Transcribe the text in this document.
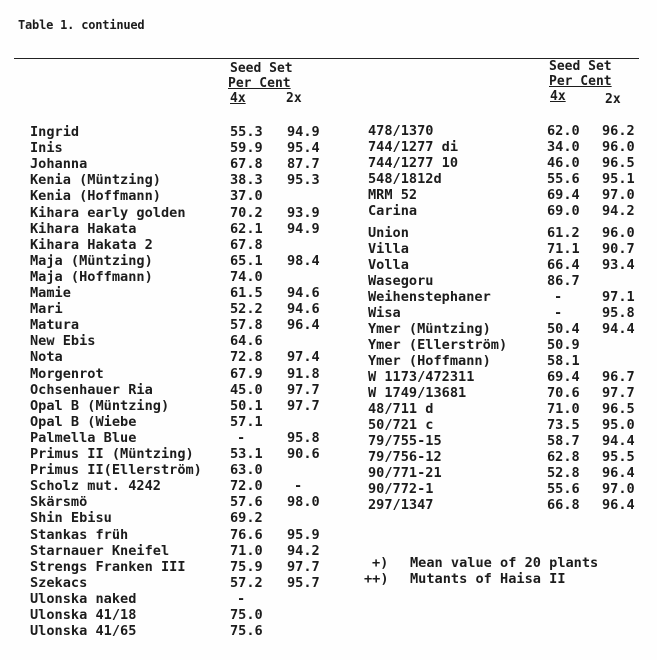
Table 1. continued
Seed Set
Per Cent
4x	2x
Seed Set
Per Cent
4x	2x
Ingrid	55.3 94.9
Inis	59.9 95.4
Johanna	67.8 87.7
Kenia (Müntzing)	38.3 95.3
Kenia (Hoffmann)	37.0
Kihara early golden	70.2 93.9
Kihara Hakata	62.1 94.9
Kihara Hakata 2	67.8
Maja (Müntzing)	65.1 98.4
Maja (Hoffmann)	74.0
Mamie	61.5 94.6
Mari	52.2 94.6
Matura	57.8 96.4
New Ebis	64.6
Nota	72.8 97.4
Morgenrot	67.9 91.8
Ochsenhauer Ria	45.0 97.7
Opal B (Müntzing)	50.1 97.7
Opal B (Wiebe	57.1
Palmella Blue	-	95.8
Primus II (Müntzing)	53.1 90.6
Primus II(Ellerström) 63.0
Scholz mut. 4242	72.0	-
Skärsmö	57.6 98.0
Shin Ebisu	69.2
Stankas früh	76.6 95.9
Starnauer Kneifel	71.0 94.2
Strengs Franken III	75.9 97.7
Szekacs	57.2 95.7
Ulonska naked	-
Ulonska 41/18	75.0
Ulonska 41/65	75.6
478/1370	62.0 96.2
744/1277 di	34.0 96.0
744/1277 10	46.0 96.5
548/1812d	55.6 95.1
MRM 52	69.4 97.0
Carina	69.0 94.2
Union	61.2 96.0
Villa	71.1 90.7
Volla	66.4 93.4
Wasegoru	86.7
Weihenstephaner	-	97.1
Wisa	-	95.8
Ymer (Müntzing)	50.4 94.4
Ymer (Ellerström)	50.9
Ymer (Hoffmann)	58.1
W 1173/472311	69.4 96.7
W 1749/13681	70.6 97.7
48/711 d	71.0 96.5
50/721 c	73.5 95.0
79/755-15	58.7 94.4
79/756-12	62.8 95.5
90/771-21	52.8 96.4
90/772-1	55.6 97.0
297/1347	66.8 96.4
+) Mean value of 20 plants
++) Mutants of Haisa II
